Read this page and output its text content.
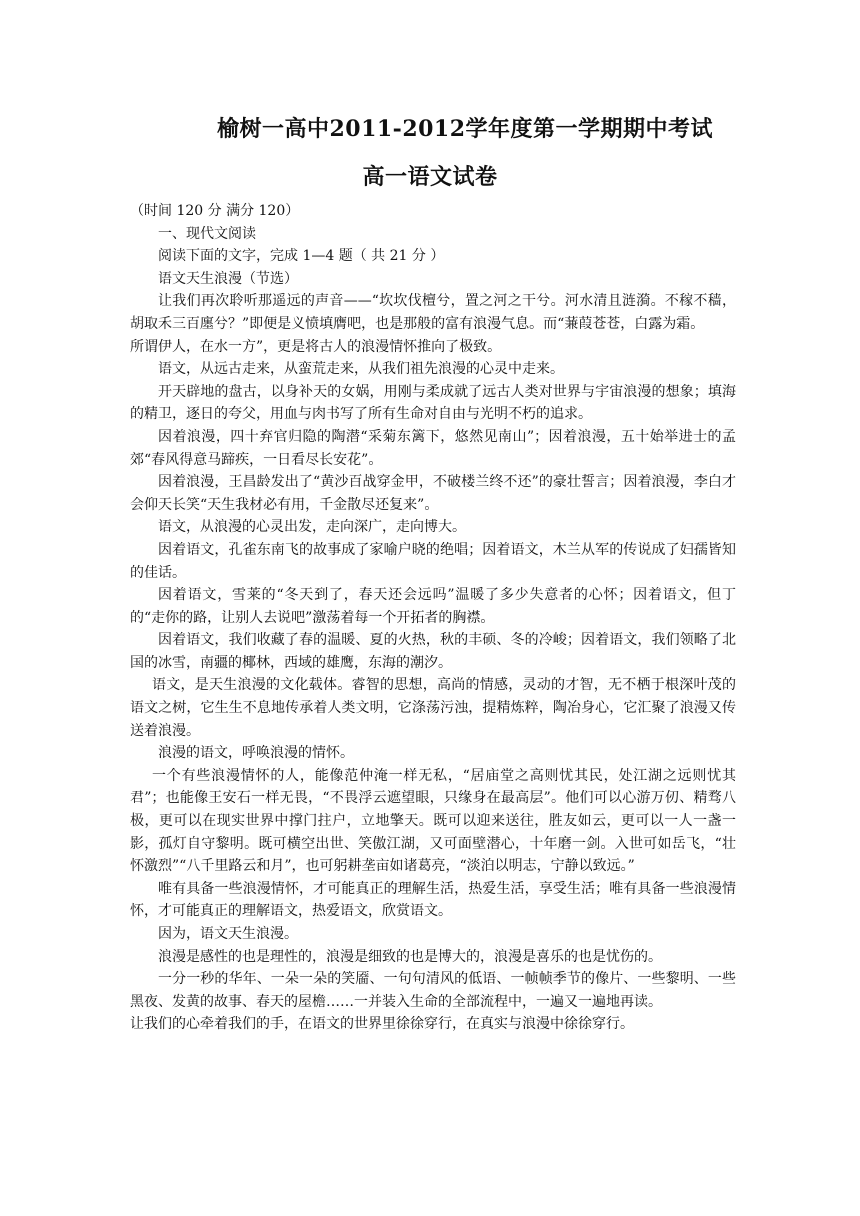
榆树一高中2011-2012学年度第一学期期中考试
高一语文试卷

（时间 120 分 满分 120）

一、现代文阅读

阅读下面的文字，完成 1—4 题（ 共 21 分 ）

语文天生浪漫（节选）

让我们再次聆听那遥远的声音——“坎坎伐檀兮，置之河之干兮。河水清且涟漪。不稼不穑，胡取禾三百廛兮？”即便是义愤填膺吧，也是那般的富有浪漫气息。而“蒹葭苍苍，白露为霜。

所谓伊人，在水一方”，更是将古人的浪漫情怀推向了极致。

语文，从远古走来，从蛮荒走来，从我们祖先浪漫的心灵中走来。

开天辟地的盘古，以身补天的女娲，用刚与柔成就了远古人类对世界与宇宙浪漫的想象；填海的精卫，逐日的夸父，用血与肉书写了所有生命对自由与光明不朽的追求。

因着浪漫，四十弃官归隐的陶潜“采菊东篱下，悠然见南山”；因着浪漫，五十始举进士的孟郊“春风得意马蹄疾，一日看尽长安花”。

因着浪漫，王昌龄发出了“黄沙百战穿金甲，不破楼兰终不还”的豪壮誓言；因着浪漫，李白才会仰天长笑“天生我材必有用，千金散尽还复来”。

语文，从浪漫的心灵出发，走向深广，走向博大。

因着语文，孔雀东南飞的故事成了家喻户晓的绝唱；因着语文，木兰从军的传说成了妇孺皆知的佳话。

因着语文，雪莱的“冬天到了，春天还会远吗”温暖了多少失意者的心怀；因着语文，但丁的“走你的路，让别人去说吧”激荡着每一个开拓者的胸襟。

因着语文，我们收藏了春的温暖、夏的火热，秋的丰硕、冬的冷峻；因着语文，我们领略了北国的冰雪，南疆的椰林，西域的雄鹰，东海的潮汐。

语文，是天生浪漫的文化载体。睿智的思想，高尚的情感，灵动的才智，无不栖于根深叶茂的语文之树，它生生不息地传承着人类文明，它涤荡污浊，提精炼粹，陶冶身心，它汇聚了浪漫又传送着浪漫。

浪漫的语文，呼唤浪漫的情怀。

一个有些浪漫情怀的人，能像范仲淹一样无私，“居庙堂之高则忧其民，处江湖之远则忧其君”；也能像王安石一样无畏，“不畏浮云遮望眼，只缘身在最高层”。他们可以心游万仞、精骛八极，更可以在现实世界中撑门拄户，立地擎天。既可以迎来送往，胜友如云，更可以一人一盏一影，孤灯自守黎明。既可横空出世、笑傲江湖，又可面壁潜心，十年磨一剑。入世可如岳飞，“壮怀激烈”“八千里路云和月”，也可躬耕垄亩如诸葛亮，“淡泊以明志，宁静以致远。”

唯有具备一些浪漫情怀，才可能真正的理解生活，热爱生活，享受生活；唯有具备一些浪漫情怀，才可能真正的理解语文，热爱语文，欣赏语文。

因为，语文天生浪漫。

浪漫是感性的也是理性的，浪漫是细致的也是博大的，浪漫是喜乐的也是忧伤的。

一分一秒的华年、一朵一朵的笑靥、一句句清风的低语、一帧帧季节的像片、一些黎明、一些黑夜、发黄的故事、春天的屋檐……一并装入生命的全部流程中，一遍又一遍地再读。

让我们的心牵着我们的手，在语文的世界里徐徐穿行，在真实与浪漫中徐徐穿行。
